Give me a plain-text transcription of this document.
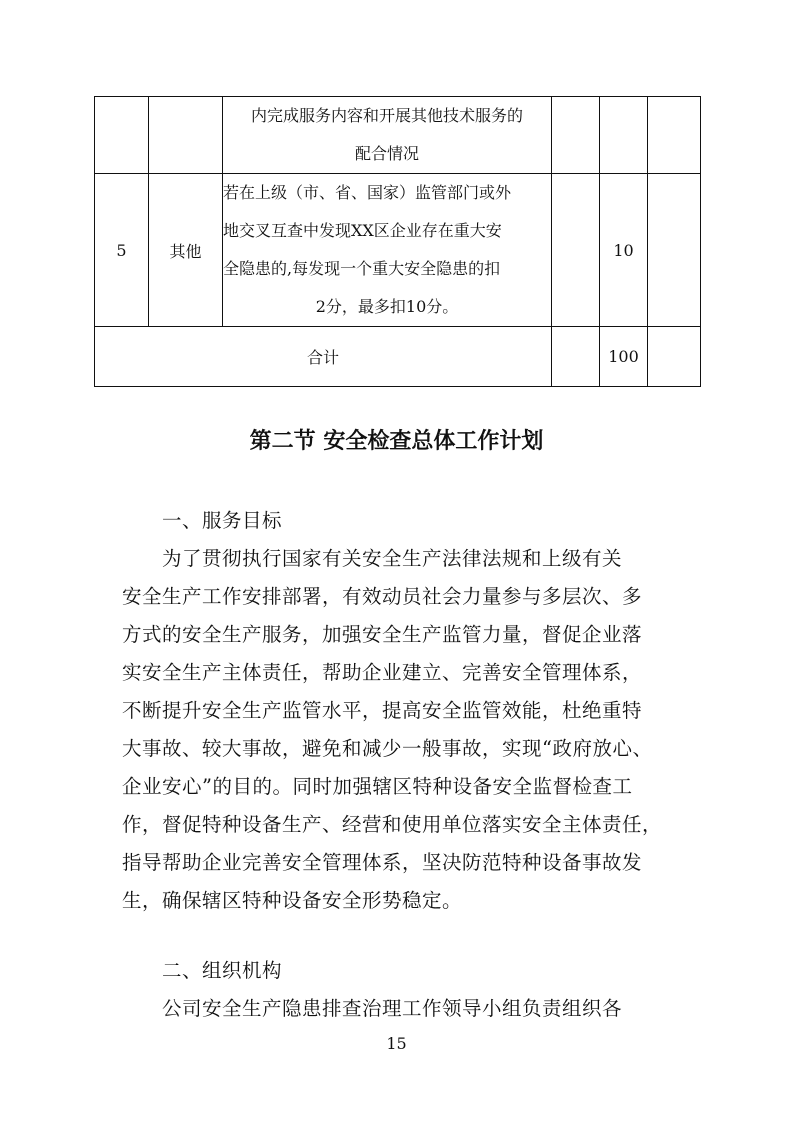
		内完成服务内容和开展其他技术服务的
配合情况			

5	其他	若在上级（市、省、国家）监管部门或外
地交叉互查中发现XX区企业存在重大安
全隐患的,每发现一个重大安全隐患的扣
2分，最多扣10分。		10	
合计				100	
第二节 安全检查总体工作计划
一、服务目标
为了贯彻执行国家有关安全生产法律法规和上级有关
安全生产工作安排部署，有效动员社会力量参与多层次、多
方式的安全生产服务，加强安全生产监管力量，督促企业落
实安全生产主体责任，帮助企业建立、完善安全管理体系，
不断提升安全生产监管水平，提高安全监管效能，杜绝重特
大事故、较大事故，避免和减少一般事故，实现“政府放心、
企业安心”的目的。同时加强辖区特种设备安全监督检查工
作，督促特种设备生产、经营和使用单位落实安全主体责任，
指导帮助企业完善安全管理体系，坚决防范特种设备事故发
生，确保辖区特种设备安全形势稳定。
二、组织机构
公司安全生产隐患排查治理工作领导小组负责组织各
15
